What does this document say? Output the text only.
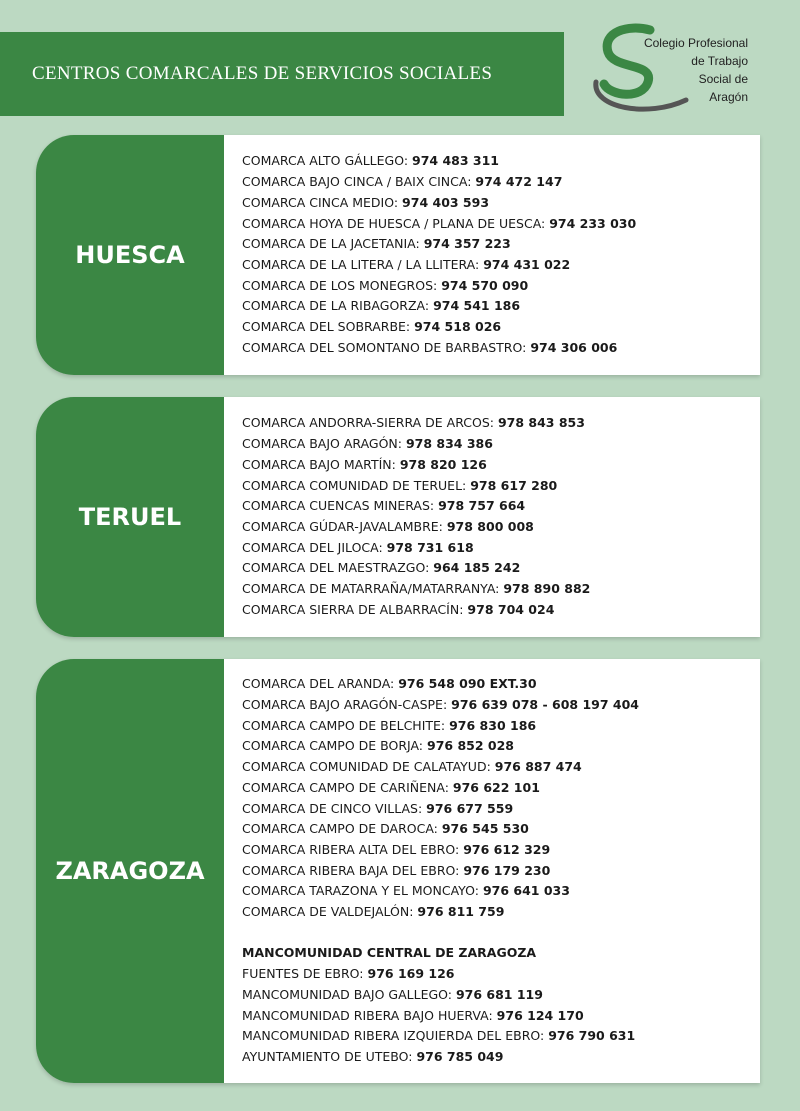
CENTROS COMARCALES DE SERVICIOS SOCIALES
Colegio Profesional
de Trabajo
Social de
Aragón
HUESCA
COMARCA ALTO GÁLLEGO: 974 483 311
COMARCA BAJO CINCA / BAIX CINCA: 974 472 147
COMARCA CINCA MEDIO: 974 403 593
COMARCA HOYA DE HUESCA / PLANA DE UESCA: 974 233 030
COMARCA DE LA JACETANIA: 974 357 223
COMARCA DE LA LITERA / LA LLITERA: 974 431 022
COMARCA DE LOS MONEGROS: 974 570 090
COMARCA DE LA RIBAGORZA: 974 541 186
COMARCA DEL SOBRARBE: 974 518 026
COMARCA DEL SOMONTANO DE BARBASTRO: 974 306 006
TERUEL
COMARCA ANDORRA-SIERRA DE ARCOS: 978 843 853
COMARCA BAJO ARAGÓN: 978 834 386
COMARCA BAJO MARTÍN: 978 820 126
COMARCA COMUNIDAD DE TERUEL: 978 617 280
COMARCA CUENCAS MINERAS: 978 757 664
COMARCA GÚDAR-JAVALAMBRE: 978 800 008
COMARCA DEL JILOCA: 978 731 618
COMARCA DEL MAESTRAZGO: 964 185 242
COMARCA DE MATARRAÑA/MATARRANYA: 978 890 882
COMARCA SIERRA DE ALBARRACÍN: 978 704 024
ZARAGOZA
COMARCA DEL ARANDA: 976 548 090 EXT.30
COMARCA BAJO ARAGÓN-CASPE: 976 639 078 - 608 197 404
COMARCA CAMPO DE BELCHITE: 976 830 186
COMARCA CAMPO DE BORJA: 976 852 028
COMARCA COMUNIDAD DE CALATAYUD: 976 887 474
COMARCA CAMPO DE CARIÑENA: 976 622 101
COMARCA DE CINCO VILLAS: 976 677 559
COMARCA CAMPO DE DAROCA: 976 545 530
COMARCA RIBERA ALTA DEL EBRO: 976 612 329
COMARCA RIBERA BAJA DEL EBRO: 976 179 230
COMARCA TARAZONA Y EL MONCAYO: 976 641 033
COMARCA DE VALDEJALÓN: 976 811 759
MANCOMUNIDAD CENTRAL DE ZARAGOZA
FUENTES DE EBRO: 976 169 126
MANCOMUNIDAD BAJO GALLEGO: 976 681 119
MANCOMUNIDAD RIBERA BAJO HUERVA: 976 124 170
MANCOMUNIDAD RIBERA IZQUIERDA DEL EBRO: 976 790 631
AYUNTAMIENTO DE UTEBO: 976 785 049
